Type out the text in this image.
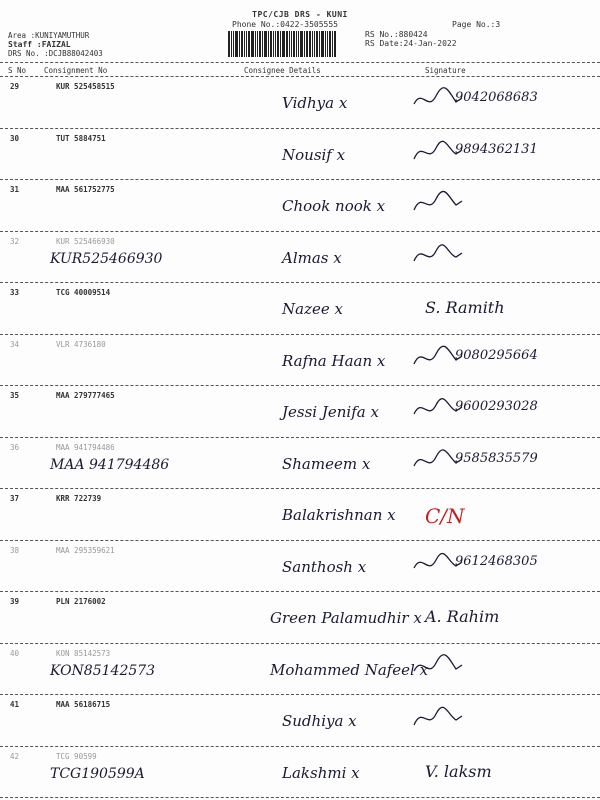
TPC/CJB DRS - KUNI
Phone No.:0422-3505555	Page No.:3
RS No.:880424
RS Date:24-Jan-2022
Area :KUNIYAMUTHUR
Staff :FAIZAL
DRS No. :DCJB88042403
S No Consignment No	Consignee Details	Signature
29	KUR 525458515
Vidhya x	9042068683
30	TUT 5884751
Nousif x	9894362131
31	MAA 561752775
Chook nook x
32	KUR 525466930
KUR525466930	Almas x
33	TCG 40009514
Nazee x	S. Ramith
34	VLR 4736180
Rafna Haan x	9080295664
35	MAA 279777465
Jessi Jenifa x	9600293028
36	MAA 941794486
MAA 941794486	Shameem x	9585835579
37	KRR 722739
Balakrishnan x C/N
38	MAA 295359621
Santhosh x	9612468305
39	PLN 2176002
Green Palamudhir x A. Rahim
40	KON 85142573
KON85142573	Mohammed Nafeel x
41	MAA 56186715
Sudhiya x
42	TCG 90599
TCG190599A	Lakshmi x	V. laksm
